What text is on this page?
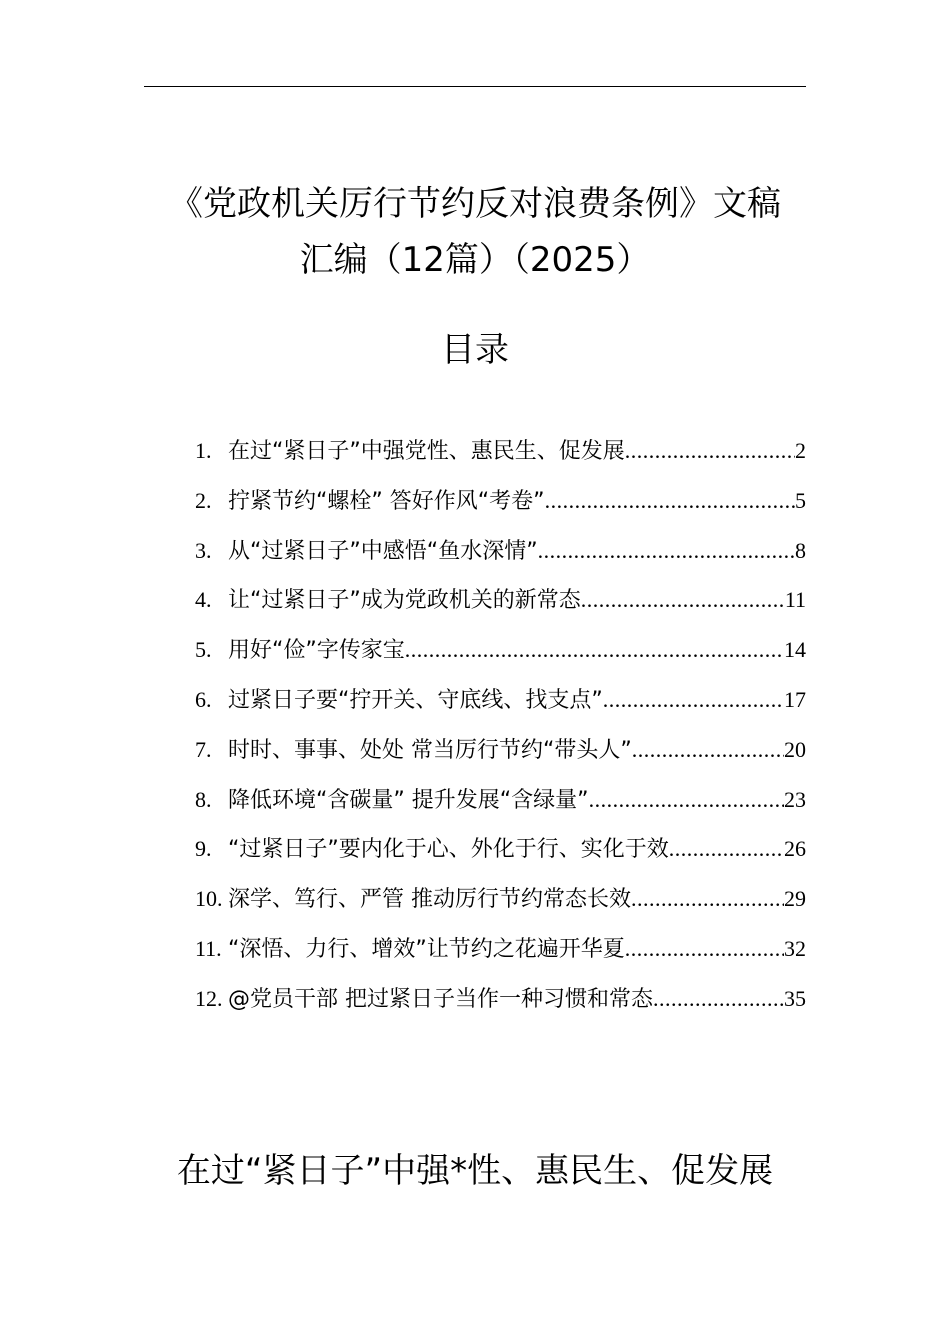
《党政机关厉行节约反对浪费条例》文稿
汇编（12篇）（2025）
目录
1. 在过“紧日子”中强党性、惠民生、促发展 .....	2
2. 拧紧节约“螺栓” 答好作风“考卷” .....	5
3. 从“过紧日子”中感悟“鱼水深情” .....	8
4. 让“过紧日子”成为党政机关的新常态 .....	11
5. 用好“俭”字传家宝 .....	14
6. 过紧日子要“拧开关、守底线、找支点” .....	17
7. 时时、事事、处处 常当厉行节约“带头人” .....	20
8. 降低环境“含碳量” 提升发展“含绿量” .....	23
9. “过紧日子”要内化于心、外化于行、实化于效 .....	26
10. 深学、笃行、严管 推动厉行节约常态长效 .....	29
11. “深悟、力行、增效”让节约之花遍开华夏 .....	32
12. @党员干部 把过紧日子当作一种习惯和常态 .....	35
在过“紧日子”中强*性、惠民生、促发展
